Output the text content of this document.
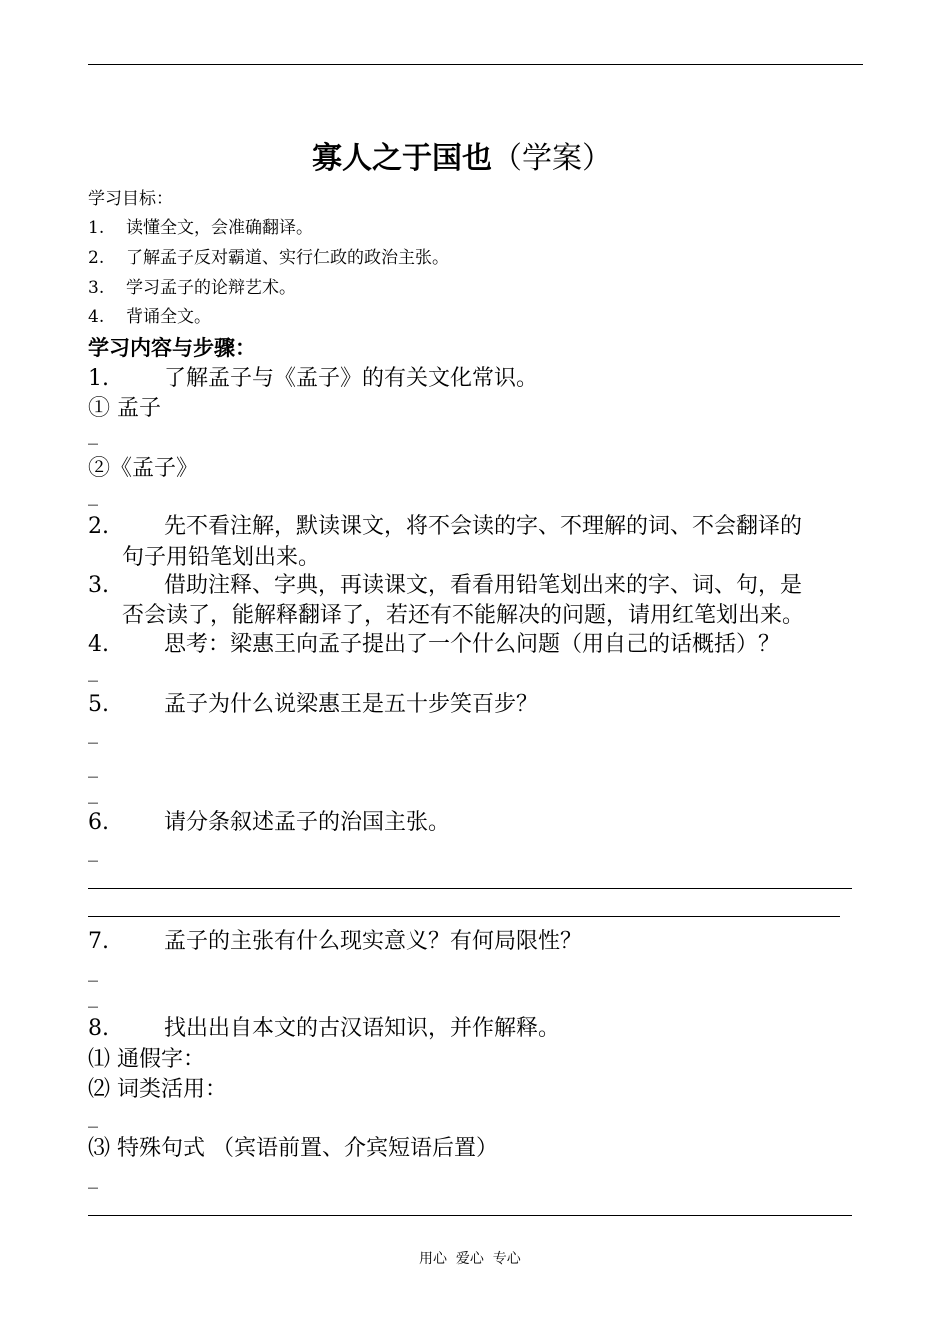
寡人之于国也（学案）
学习目标：
1. 读懂全文，会准确翻译。
2. 了解孟子反对霸道、实行仁政的政治主张。
3. 学习孟子的论辩艺术。
4. 背诵全文。
学习内容与步骤：
1.	了解孟子与《孟子》的有关文化常识。
① 孟子
_
②《孟子》
_
2.	先不看注解，默读课文，将不会读的字、不理解的词、不会翻译的
句子用铅笔划出来。
3.	借助注释、字典，再读课文，看看用铅笔划出来的字、词、句，是
否会读了，能解释翻译了，若还有不能解决的问题，请用红笔划出来。
4.	思考：梁惠王向孟子提出了一个什么问题（用自己的话概括）？
_
5.	孟子为什么说梁惠王是五十步笑百步？
_
_
_
6.	请分条叙述孟子的治国主张。
_
7.	孟子的主张有什么现实意义？有何局限性？
_
_
8.	找出出自本文的古汉语知识，并作解释。
⑴ 通假字：
⑵ 词类活用：
_
⑶ 特殊句式 （宾语前置、介宾短语后置）
_
用心  爱心  专心
